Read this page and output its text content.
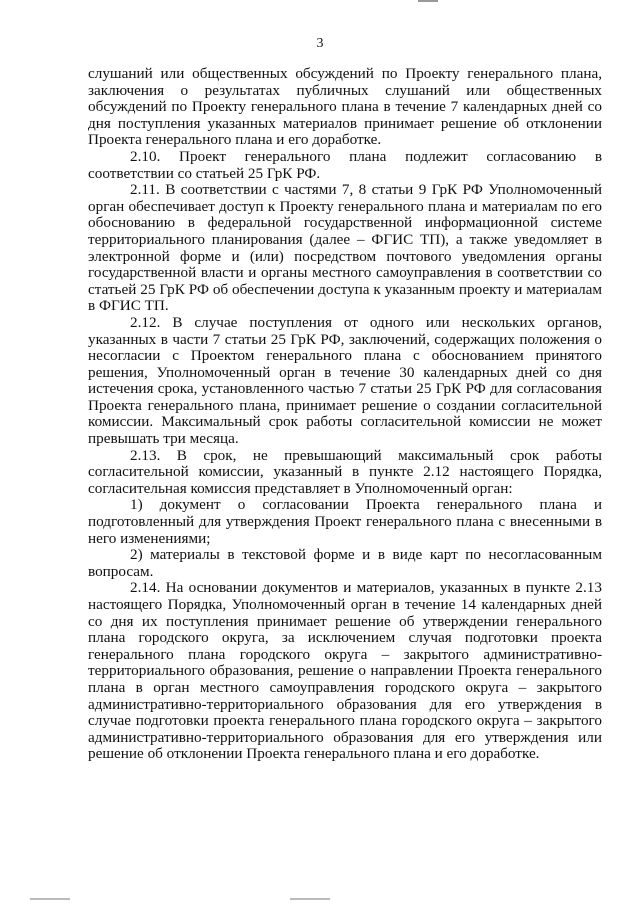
3

слушаний или общественных обсуждений по Проекту генерального плана, заключения о результатах публичных слушаний или общественных обсуждений по Проекту генерального плана в течение 7 календарных дней со дня поступления указанных материалов принимает решение об отклонении Проекта генерального плана и его доработке.

2.10. Проект генерального плана подлежит согласованию в соответствии со статьей 25 ГрК РФ.

2.11. В соответствии с частями 7, 8 статьи 9 ГрК РФ Уполномоченный орган обеспечивает доступ к Проекту генерального плана и материалам по его обоснованию в федеральной государственной информационной системе территориального планирования (далее – ФГИС ТП), а также уведомляет в электронной форме и (или) посредством почтового уведомления органы государственной власти и органы местного самоуправления в соответствии со статьей 25 ГрК РФ об обеспечении доступа к указанным проекту и материалам в ФГИС ТП.

2.12. В случае поступления от одного или нескольких органов, указанных в части 7 статьи 25 ГрК РФ, заключений, содержащих положения о несогласии с Проектом генерального плана с обоснованием принятого решения, Уполномоченный орган в течение 30 календарных дней со дня истечения срока, установленного частью 7 статьи 25 ГрК РФ для согласования Проекта генерального плана, принимает решение о создании согласительной комиссии. Максимальный срок работы согласительной комиссии не может превышать три месяца.

2.13. В срок, не превышающий максимальный срок работы согласительной комиссии, указанный в пункте 2.12 настоящего Порядка, согласительная комиссия представляет в Уполномоченный орган:

1) документ о согласовании Проекта генерального плана и подготовленный для утверждения Проект генерального плана с внесенными в него изменениями;

2) материалы в текстовой форме и в виде карт по несогласованным вопросам.

2.14. На основании документов и материалов, указанных в пункте 2.13 настоящего Порядка, Уполномоченный орган в течение 14 календарных дней со дня их поступления принимает решение об утверждении генерального плана городского округа, за исключением случая подготовки проекта генерального плана городского округа – закрытого административно-территориального образования, решение о направлении Проекта генерального плана в орган местного самоуправления городского округа – закрытого административно-территориального образования для его утверждения в случае подготовки проекта генерального плана городского округа – закрытого административно-территориального образования для его утверждения или решение об отклонении Проекта генерального плана и его доработке.
